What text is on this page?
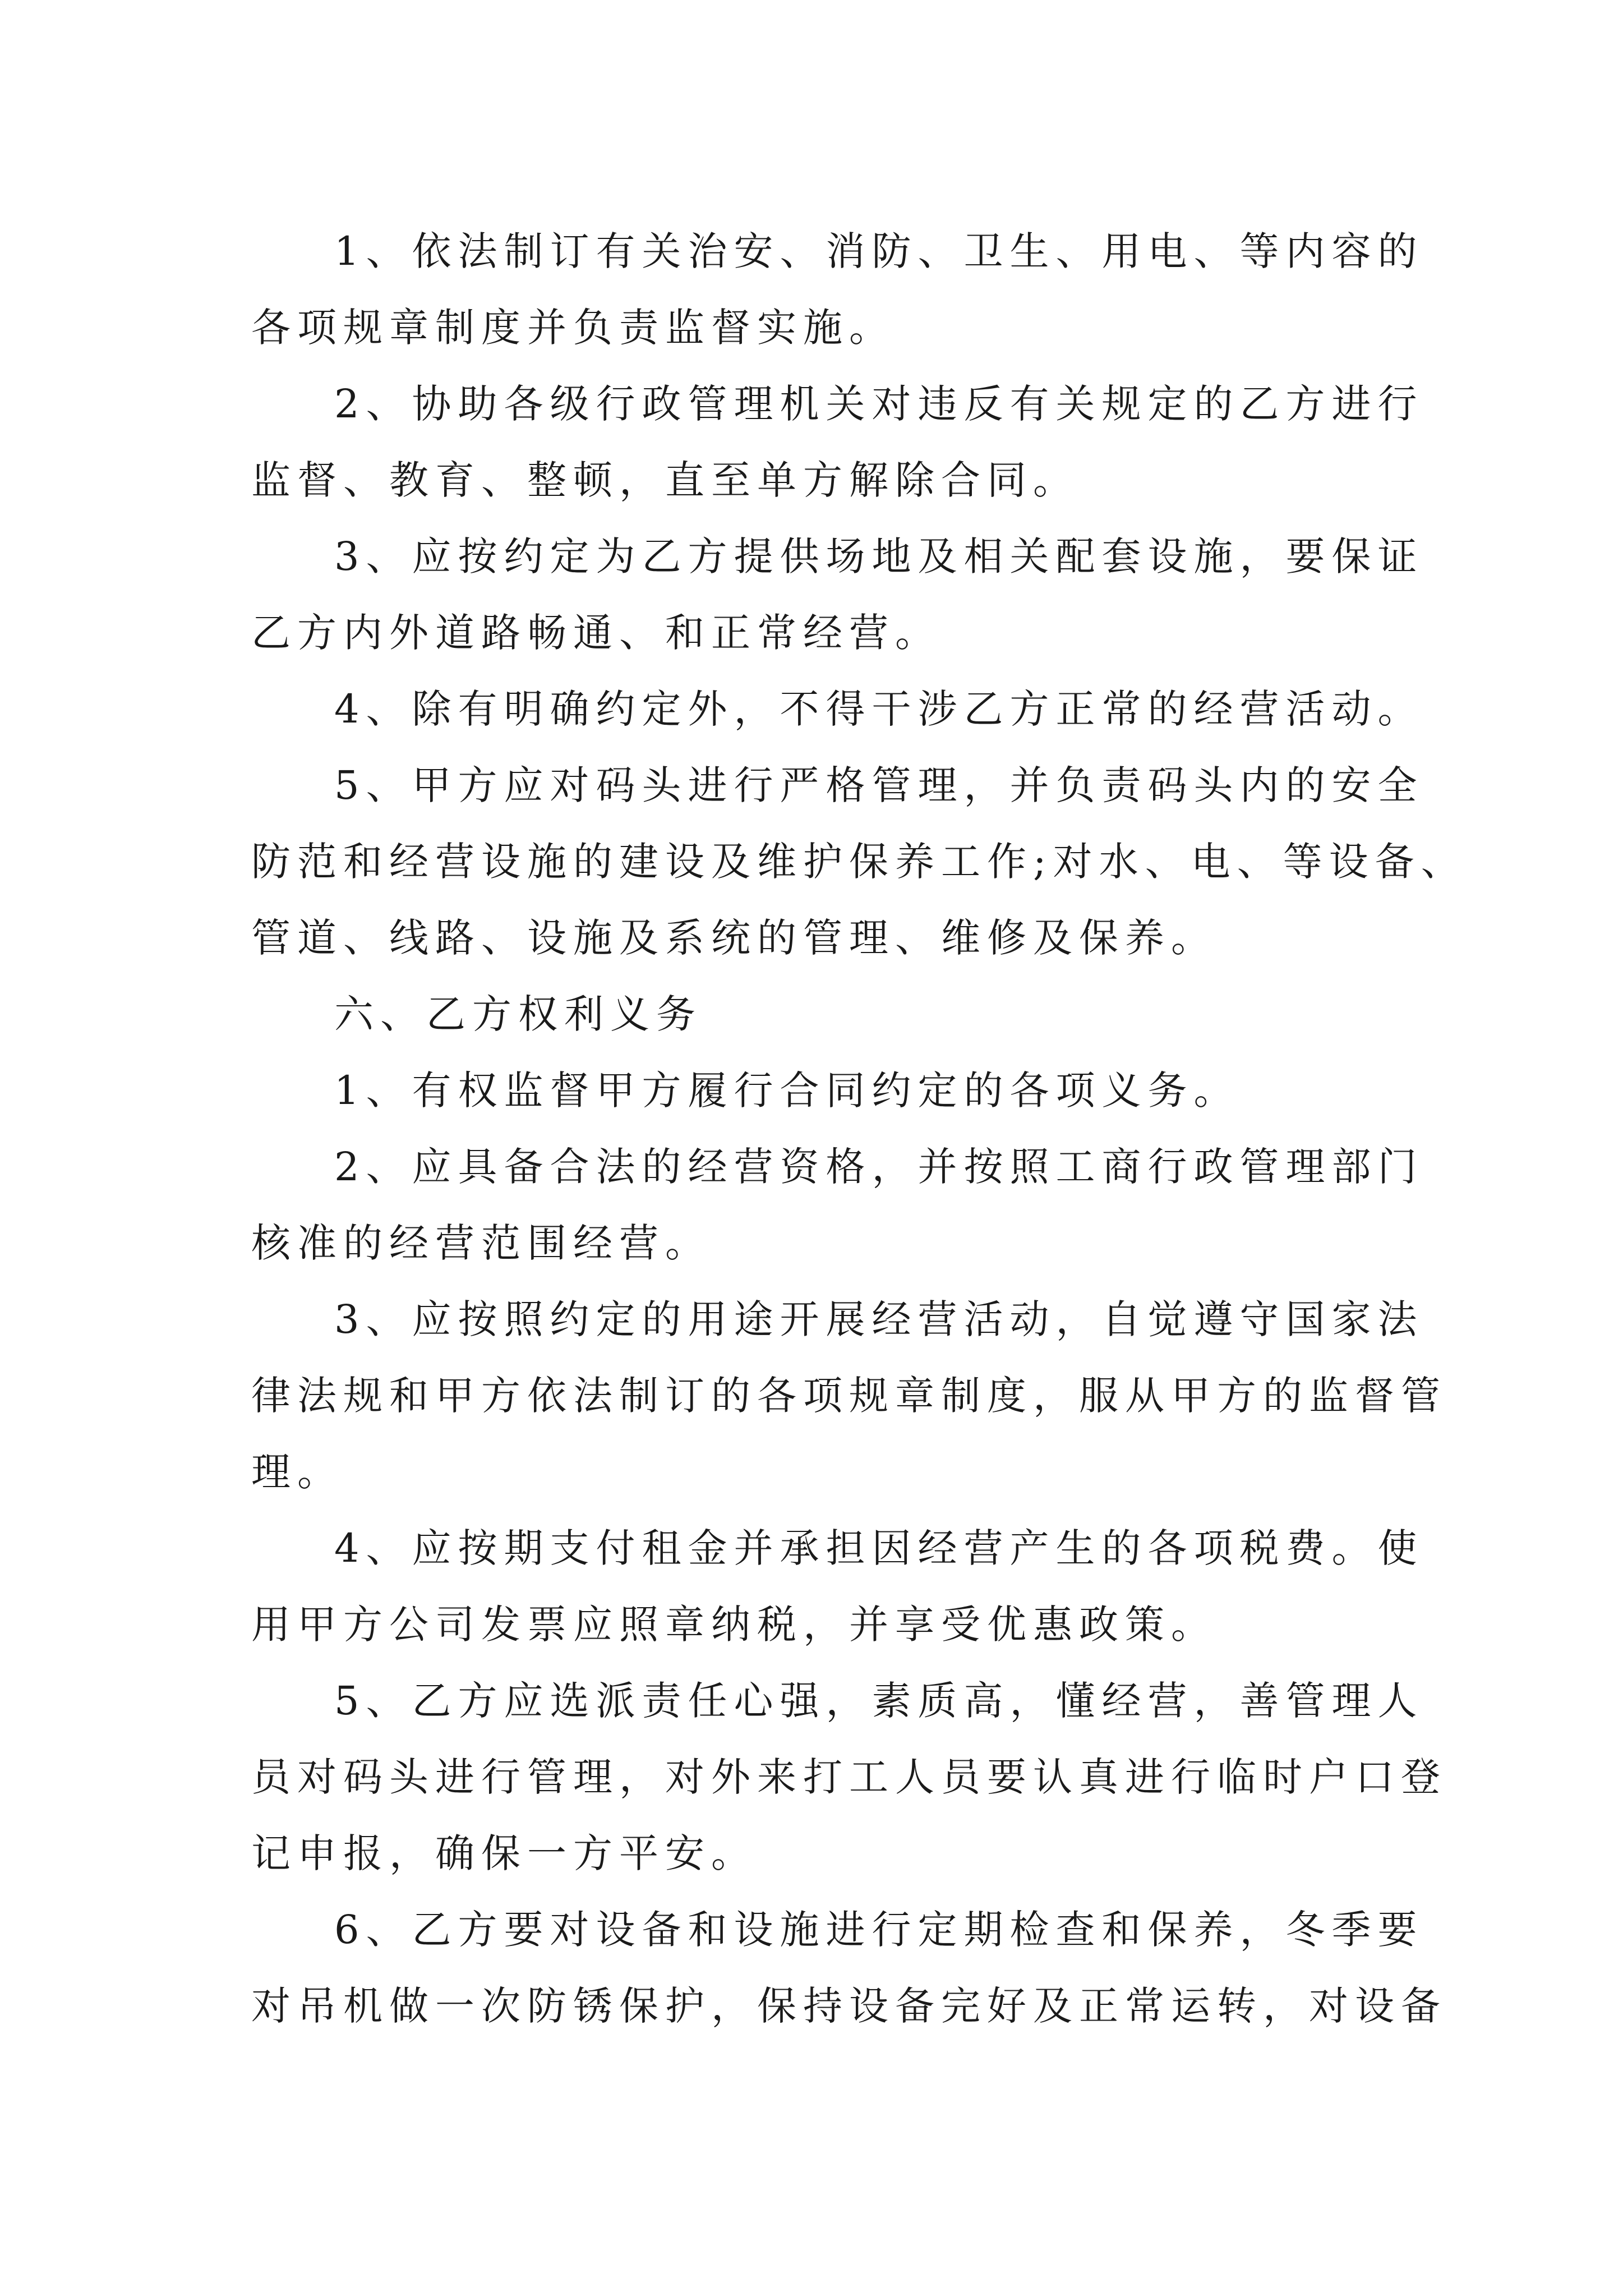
1、依法制订有关治安、消防、卫生、用电、等内容的
各项规章制度并负责监督实施。

2、协助各级行政管理机关对违反有关规定的乙方进行
监督、教育、整顿，直至单方解除合同。

3、应按约定为乙方提供场地及相关配套设施，要保证
乙方内外道路畅通、和正常经营。

4、除有明确约定外，不得干涉乙方正常的经营活动。

5、甲方应对码头进行严格管理，并负责码头内的安全
防范和经营设施的建设及维护保养工作;对水、电、等设备、
管道、线路、设施及系统的管理、维修及保养。

六、乙方权利义务

1、有权监督甲方履行合同约定的各项义务。

2、应具备合法的经营资格，并按照工商行政管理部门
核准的经营范围经营。

3、应按照约定的用途开展经营活动，自觉遵守国家法
律法规和甲方依法制订的各项规章制度，服从甲方的监督管
理。

4、应按期支付租金并承担因经营产生的各项税费。使
用甲方公司发票应照章纳税，并享受优惠政策。

5、乙方应选派责任心强，素质高，懂经营，善管理人
员对码头进行管理，对外来打工人员要认真进行临时户口登
记申报，确保一方平安。

6、乙方要对设备和设施进行定期检查和保养，冬季要
对吊机做一次防锈保护，保持设备完好及正常运转，对设备
